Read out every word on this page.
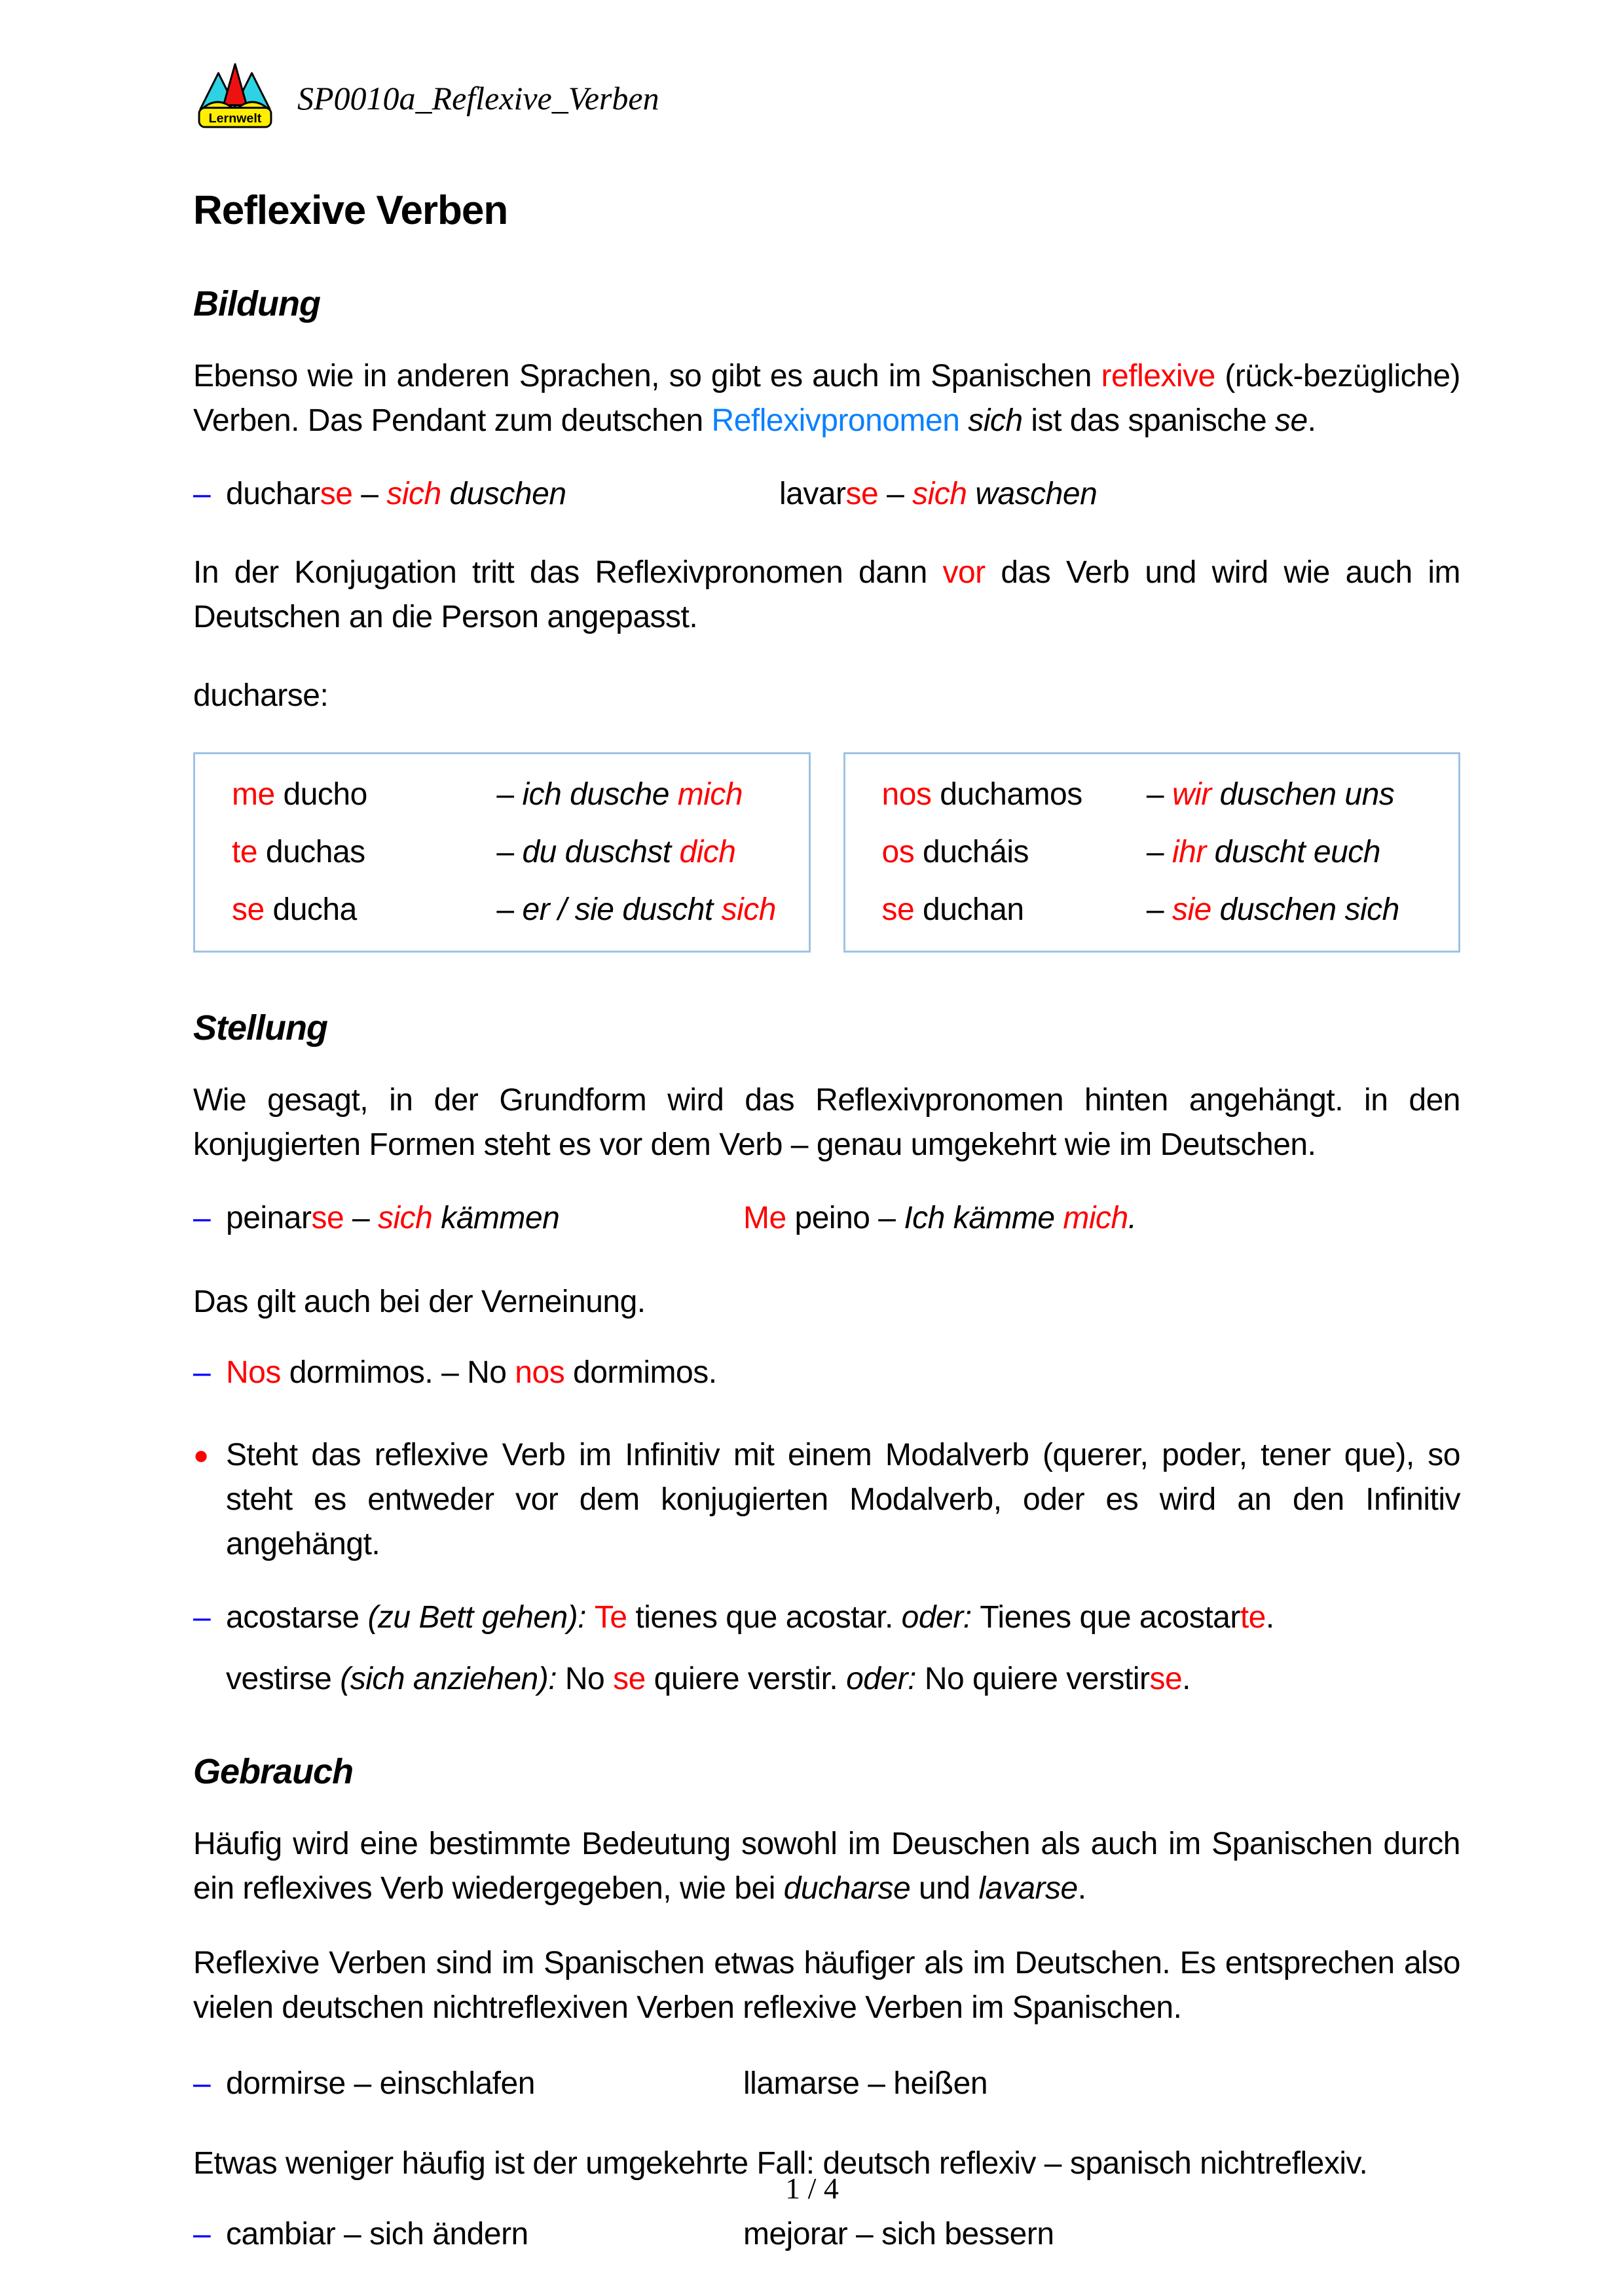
Lernwelt
SP0010a_Reflexive_Verben
Reflexive Verben
Bildung

Ebenso wie in anderen Sprachen, so gibt es auch im Spanischen reflexive (rück-bezügliche) Verben. Das Pendant zum deutschen Reflexivpronomen sich ist das spanische se.

– ducharse – sich duschen	lavarse – sich waschen

In der Konjugation tritt das Reflexivpronomen dann vor das Verb und wird wie auch im Deutschen an die Person angepasst.

ducharse:

me ducho	– ich dusche mich
te duchas	– du duschst dich
se ducha	– er / sie duscht sich
nos duchamos	– wir duschen uns
os ducháis	– ihr duscht euch
se duchan	– sie duschen sich
Stellung

Wie gesagt, in der Grundform wird das Reflexivpronomen hinten angehängt. in den konjugierten Formen steht es vor dem Verb – genau umgekehrt wie im Deutschen.

– peinarse – sich kämmen	Me peino – Ich kämme mich.

Das gilt auch bei der Verneinung.

– Nos dormimos. – No nos dormimos.
● Steht das reflexive Verb im Infinitiv mit einem Modalverb (querer, poder, tener que), so steht es entweder vor dem konjugierten Modalverb, oder es wird an den Infinitiv angehängt.
– acostarse (zu Bett gehen): Te tienes que acostar. oder: Tienes que acostarte.
vestirse (sich anziehen): No se quiere verstir. oder: No quiere verstirse.
Gebrauch

Häufig wird eine bestimmte Bedeutung sowohl im Deuschen als auch im Spanischen durch ein reflexives Verb wiedergegeben, wie bei ducharse und lavarse.

Reflexive Verben sind im Spanischen etwas häufiger als im Deutschen. Es entsprechen also vielen deutschen nichtreflexiven Verben reflexive Verben im Spanischen.

– dormirse – einschlafen	llamarse – heißen

Etwas weniger häufig ist der umgekehrte Fall: deutsch reflexiv – spanisch nichtreflexiv.

– cambiar – sich ändern	mejorar – sich bessern
1 / 4
